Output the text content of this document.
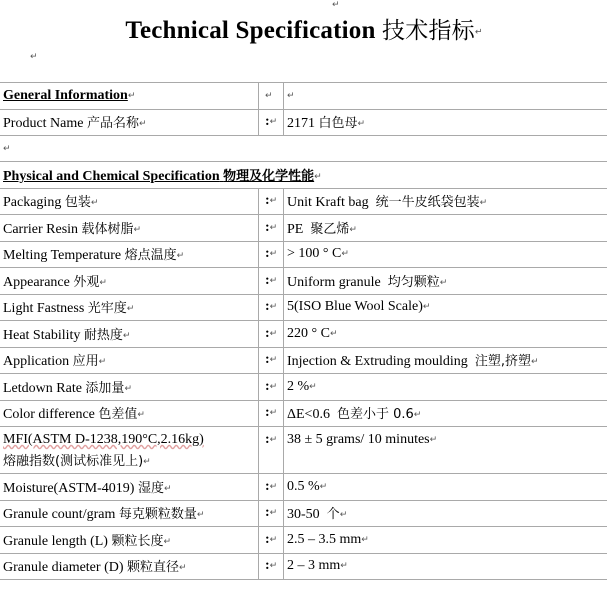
↵
Technical Specification 技术指标↵
↵
General Information↵	↵	↵
Product Name 产品名称↵	:↵	2171 白色母↵
↵		
Physical and Chemical Specification 物理及化学性能↵		
Packaging 包装↵	:↵	Unit Kraft bag 统一牛皮纸袋包装↵
Carrier Resin 载体树脂↵	:↵	PE 聚乙烯↵
Melting Temperature 熔点温度↵	:↵	> 100 ° C↵
Appearance 外观↵	:↵	Uniform granule 均匀颗粒↵
Light Fastness 光牢度↵	:↵	5(ISO Blue Wool Scale)↵
Heat Stability 耐热度↵	:↵	220 ° C↵
Application 应用↵	:↵	Injection & Extruding moulding 注塑,挤塑↵
Letdown Rate 添加量↵	:↵	2 %↵
Color difference 色差值↵	:↵	ΔE<0.6 色差小于 0.6↵
MFI(ASTM D-1238,190°C,2.16kg)
熔融指数(测试标准见上)↵	:↵	38 ± 5 grams/ 10 minutes↵
Moisture(ASTM-4019) 湿度↵	:↵	0.5 %↵
Granule count/gram 每克颗粒数量↵	:↵	30-50 个↵
Granule length (L) 颗粒长度↵	:↵	2.5 – 3.5 mm↵
Granule diameter (D) 颗粒直径↵	:↵	2 – 3 mm↵
